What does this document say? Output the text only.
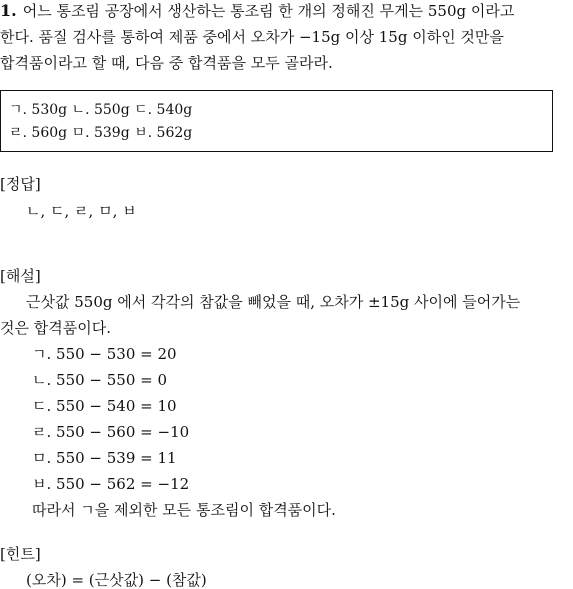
1. 어느 통조림 공장에서 생산하는 통조림 한 개의 정해진 무게는 550g 이라고
한다. 품질 검사를 통하여 제품 중에서 오차가 −15g 이상 15g 이하인 것만을
합격품이라고 할 때, 다음 중 합격품을 모두 골라라.
ㄱ. 530g ㄴ. 550g ㄷ. 540g
ㄹ. 560g ㅁ. 539g ㅂ. 562g
[정답]
ㄴ, ㄷ, ㄹ, ㅁ, ㅂ
[해설]
근삿값 550g 에서 각각의 참값을 빼었을 때, 오차가 ±15g 사이에 들어가는
것은 합격품이다.
ㄱ. 550 − 530 = 20
ㄴ. 550 − 550 = 0
ㄷ. 550 − 540 = 10
ㄹ. 550 − 560 = −10
ㅁ. 550 − 539 = 11
ㅂ. 550 − 562 = −12
따라서 ㄱ을 제외한 모든 통조림이 합격품이다.
[힌트]
(오차) = (근삿값) − (참값)
